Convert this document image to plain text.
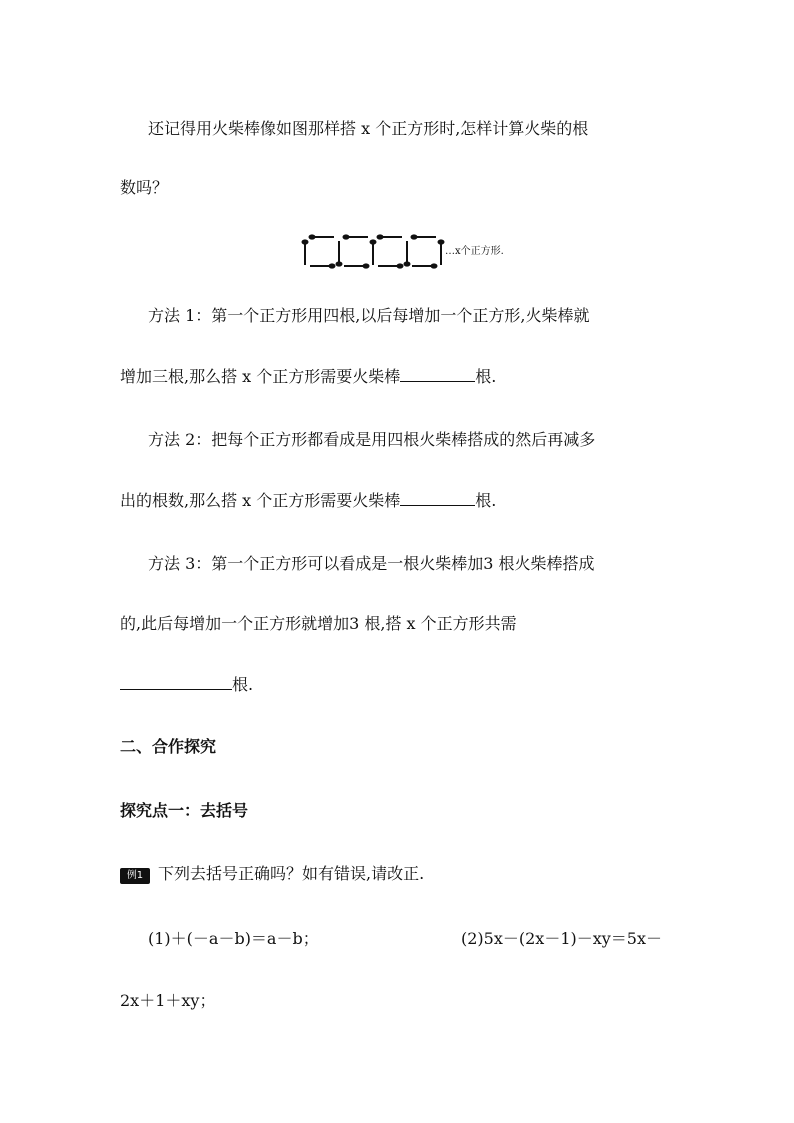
还记得用火柴棒像如图那样搭 x 个正方形时,怎样计算火柴的根
数吗？
…x个正方形.
方法 1：第一个正方形用四根,以后每增加一个正方形,火柴棒就
增加三根,那么搭 x 个正方形需要火柴棒	根.
方法 2：把每个正方形都看成是用四根火柴棒搭成的然后再减多
出的根数,那么搭 x 个正方形需要火柴棒	根.
方法 3：第一个正方形可以看成是一根火柴棒加3 根火柴棒搭成
的,此后每增加一个正方形就增加3 根,搭 x 个正方形共需
根.
二、合作探究
探究点一：去括号
例1 下列去括号正确吗？如有错误,请改正.
(1)＋(－a－b)＝a－b；	(2)5x－(2x－1)－xy＝5x－
2x＋1＋xy；
